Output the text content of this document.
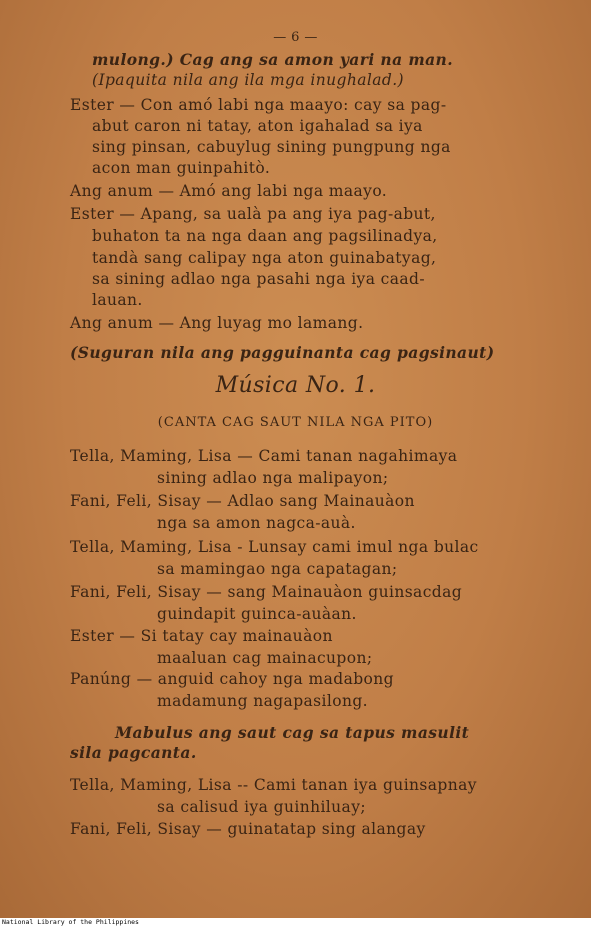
— 6 —
mulong.) Cag ang sa amon yari na man.
(Ipaquita nila ang ila mga inughalad.)
Ester — Con amó labi nga maayo: cay sa pag-
abut caron ni tatay, aton igahalad sa iya
sing pinsan, cabuylug sining pungpung nga
acon man guinpahitò.
Ang anum — Amó ang labi nga maayo.
Ester — Apang, sa ualà pa ang iya pag-abut,
buhaton ta na nga daan ang pagsilinadya,
tandà sang calipay nga aton guinabatyag,
sa sining adlao nga pasahi nga iya caad-
lauan.
Ang anum — Ang luyag mo lamang.
(Suguran nila ang pagguinanta cag pagsinaut)
Música No. 1.
(CANTA CAG SAUT NILA NGA PITO)
Tella, Maming, Lisa — Cami tanan nagahimaya
sining adlao nga malipayon;
Fani, Feli, Sisay — Adlao sang Mainauàon
nga sa amon nagca-auà.
Tella, Maming, Lisa - Lunsay cami imul nga bulac
sa mamingao nga capatagan;
Fani, Feli, Sisay — sang Mainauàon guinsacdag
guindapit guinca-auàan.
Ester — Si tatay cay mainauàon
maaluan cag mainacupon;
Panúng — anguid cahoy nga madabong
madamung nagapasilong.
Mabulus ang saut cag sa tapus masulit
sila pagcanta.
Tella, Maming, Lisa -- Cami tanan iya guinsapnay
sa calisud iya guinhiluay;
Fani, Feli, Sisay — guinatatap sing alangay
National Library of the Philippines
